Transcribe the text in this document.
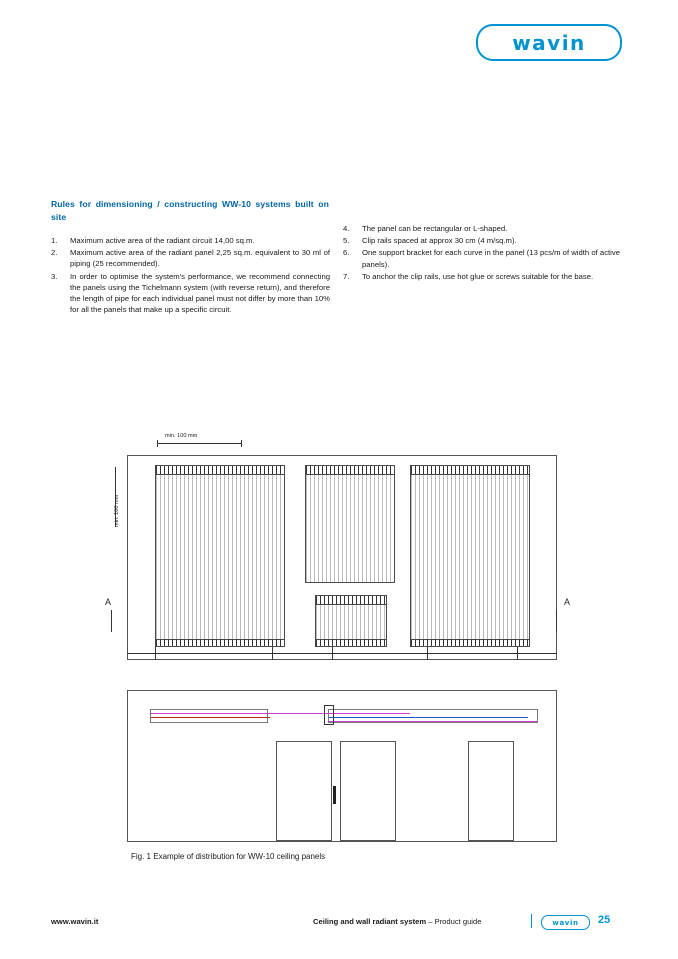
wavin
Rules for dimensioning / constructing WW-10 systems built on site
1.	Maximum active area of the radiant circuit 14,00 sq.m.
2.	Maximum active area of the radiant panel 2,25 sq.m. equivalent to 30 ml of piping (25 recommended).
3.	In order to optimise the system's performance, we recommend connecting the panels using the Tichelmann system (with reverse return), and therefore the length of pipe for each individual panel must not differ by more than 10% for all the panels that make up a specific circuit.
4.	The panel can be rectangular or L-shaped.
5.	Clip rails spaced at approx 30 cm (4 m/sq.m).
6.	One support bracket for each curve in the panel (13 pcs/m of width of active panels).
7.	To anchor the clip rails, use hot glue or screws suitable for the base.
min. 100 mm
min. 100 mm
A	A
Fig. 1 Example of distribution for WW-10 ceiling panels
www.wavin.it	Ceiling and wall radiant system – Product guide	wavin 25
